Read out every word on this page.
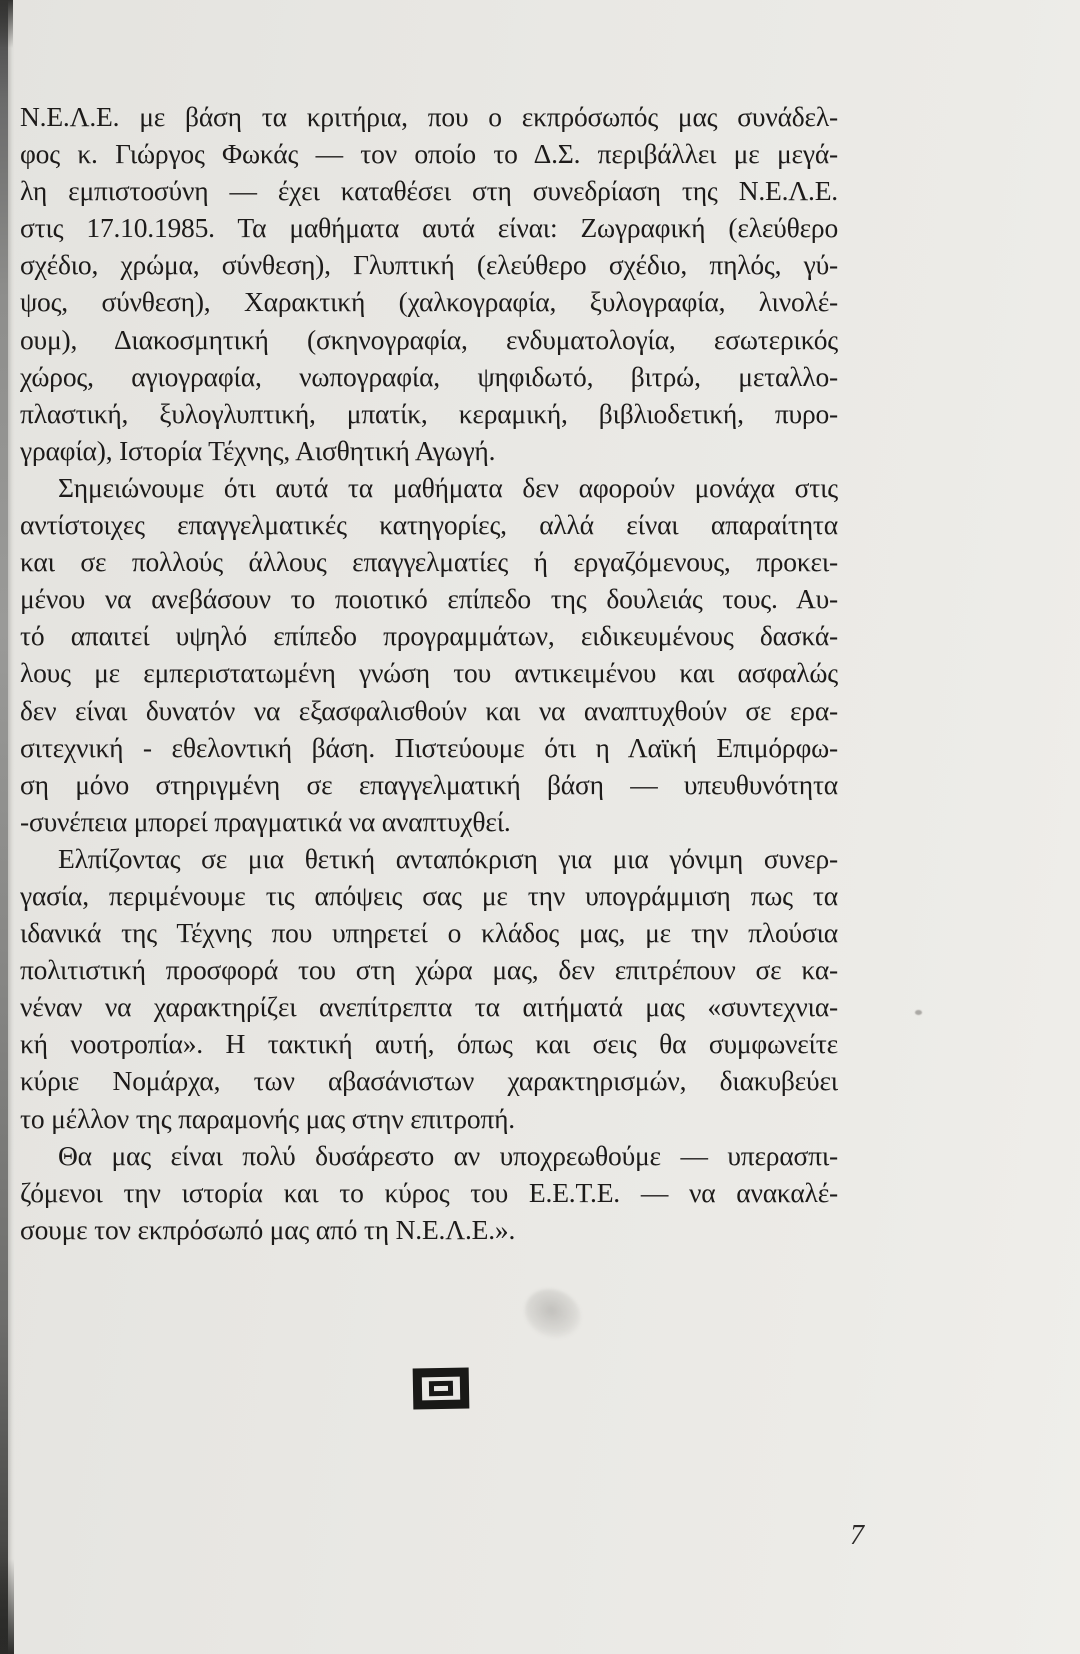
Ν.Ε.Λ.Ε. με βάση τα κριτήρια, που ο εκπρόσωπός μας συνάδελ-
φος κ. Γιώργος Φωκάς — τον οποίο το Δ.Σ. περιβάλλει με μεγά-
λη εμπιστοσύνη — έχει καταθέσει στη συνεδρίαση της Ν.Ε.Λ.Ε.
στις 17.10.1985. Τα μαθήματα αυτά είναι: Ζωγραφική (ελεύθερο
σχέδιο, χρώμα, σύνθεση), Γλυπτική (ελεύθερο σχέδιο, πηλός, γύ-
ψος, σύνθεση), Χαρακτική (χαλκογραφία, ξυλογραφία, λινολέ-
ουμ), Διακοσμητική (σκηνογραφία, ενδυματολογία, εσωτερικός
χώρος, αγιογραφία, νωπογραφία, ψηφιδωτό, βιτρώ, μεταλλο-
πλαστική, ξυλογλυπτική, μπατίκ, κεραμική, βιβλιοδετική, πυρο-
γραφία), Ιστορία Τέχνης, Αισθητική Αγωγή.
Σημειώνουμε ότι αυτά τα μαθήματα δεν αφορούν μονάχα στις
αντίστοιχες επαγγελματικές κατηγορίες, αλλά είναι απαραίτητα
και σε πολλούς άλλους επαγγελματίες ή εργαζόμενους, προκει-
μένου να ανεβάσουν το ποιοτικό επίπεδο της δουλειάς τους. Αυ-
τό απαιτεί υψηλό επίπεδο προγραμμάτων, ειδικευμένους δασκά-
λους με εμπεριστατωμένη γνώση του αντικειμένου και ασφαλώς
δεν είναι δυνατόν να εξασφαλισθούν και να αναπτυχθούν σε ερα-
σιτεχνική - εθελοντική βάση. Πιστεύουμε ότι η Λαϊκή Επιμόρφω-
ση μόνο στηριγμένη σε επαγγελματική βάση — υπευθυνότητα
-συνέπεια μπορεί πραγματικά να αναπτυχθεί.
Ελπίζοντας σε μια θετική ανταπόκριση για μια γόνιμη συνερ-
γασία, περιμένουμε τις απόψεις σας με την υπογράμμιση πως τα
ιδανικά της Τέχνης που υπηρετεί ο κλάδος μας, με την πλούσια
πολιτιστική προσφορά του στη χώρα μας, δεν επιτρέπουν σε κα-
νέναν να χαρακτηρίζει ανεπίτρεπτα τα αιτήματά μας «συντεχνια-
κή νοοτροπία». Η τακτική αυτή, όπως και σεις θα συμφωνείτε
κύριε Νομάρχα, των αβασάνιστων χαρακτηρισμών, διακυβεύει
το μέλλον της παραμονής μας στην επιτροπή.
Θα μας είναι πολύ δυσάρεστο αν υποχρεωθούμε — υπερασπι-
ζόμενοι την ιστορία και το κύρος του Ε.Ε.Τ.Ε. — να ανακαλέ-
σουμε τον εκπρόσωπό μας από τη Ν.Ε.Λ.Ε.».
7
